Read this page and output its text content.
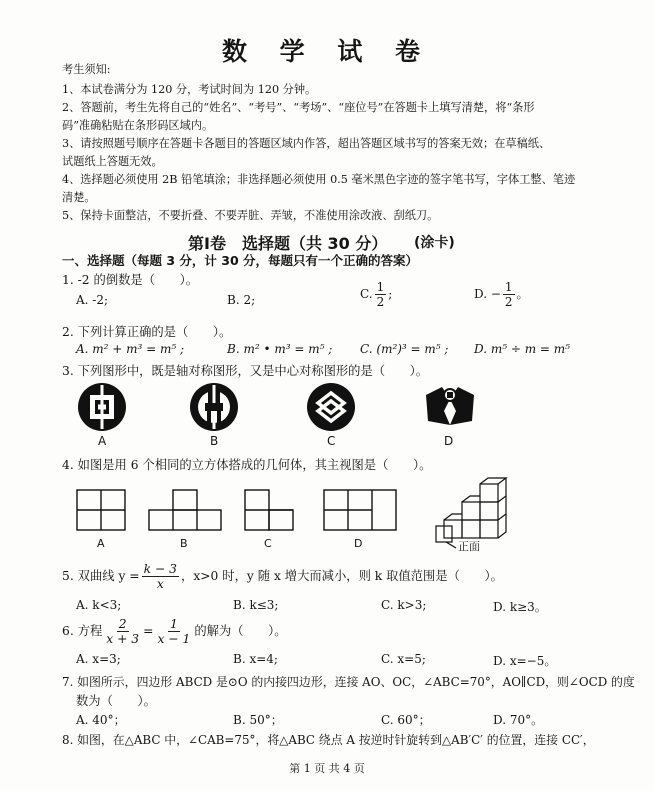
数 学 试 卷
考生须知:
1、本试卷满分为 120 分，考试时间为 120 分钟。
2、答题前，考生先将自己的“姓名”、“考号”、“考场”、“座位号”在答题卡上填写清楚，将“条形
码”准确粘贴在条形码区域内。
3、请按照题号顺序在答题卡各题目的答题区域内作答，超出答题区域书写的答案无效；在草稿纸、
试题纸上答题无效。
4、选择题必须使用 2B 铅笔填涂；非选择题必须使用 0.5 毫米黑色字迹的签字笔书写，字体工整、笔迹
清楚。
5、保持卡面整洁，不要折叠、不要弄脏、弄皱，不准使用涂改液、刮纸刀。
第Ⅰ卷　选择题（共 30 分） (涂卡)
一、选择题（每题 3 分，计 30 分，每题只有一个正确的答案）
1. -2 的倒数是（　　）。
A. -2;	B. 2;	C. $\frac{1}{2}$ ;	D. − $\frac{1}{2}$ 。
2. 下列计算正确的是（　　）。
A. m² + m³ = m⁵ ;	B. m² • m³ = m⁵ ; C. (m²)³ = m⁵ ; D. m⁵ ÷ m = m⁵
3. 下列图形中，既是轴对称图形，又是中心对称图形的是（　　）。
A	B	C	D
4. 如图是用 6 个相同的立方体搭成的几何体，其主视图是（　　）。
A	B	C	D	正面
5. 双曲线 $y = \frac{k - 3}{x}$ ，x>0 时，y 随 x 增大而减小，则 k 取值范围是（　　）。
A. k<3;	B. k≤3;	C. k>3;	D. k≥3。
6. 方程 $\frac{2}{x + 3} = \frac{1}{x - 1}$ 的解为（　　）。
A. x=3;	B. x=4;	C. x=5;	D. x=−5。
7. 如图所示，四边形 ABCD 是⊙O 的内接四边形，连接 AO、OC，∠ABC=70°，AO∥CD，则∠OCD 的度
数为（　　）。
A. 40°；	B. 50°；	C. 60°；	D. 70°。
8. 如图，在△ABC 中，∠CAB=75°，将△ABC 绕点 A 按逆时针旋转到△AB′C′ 的位置，连接 CC′，
第 1 页 共 4 页
